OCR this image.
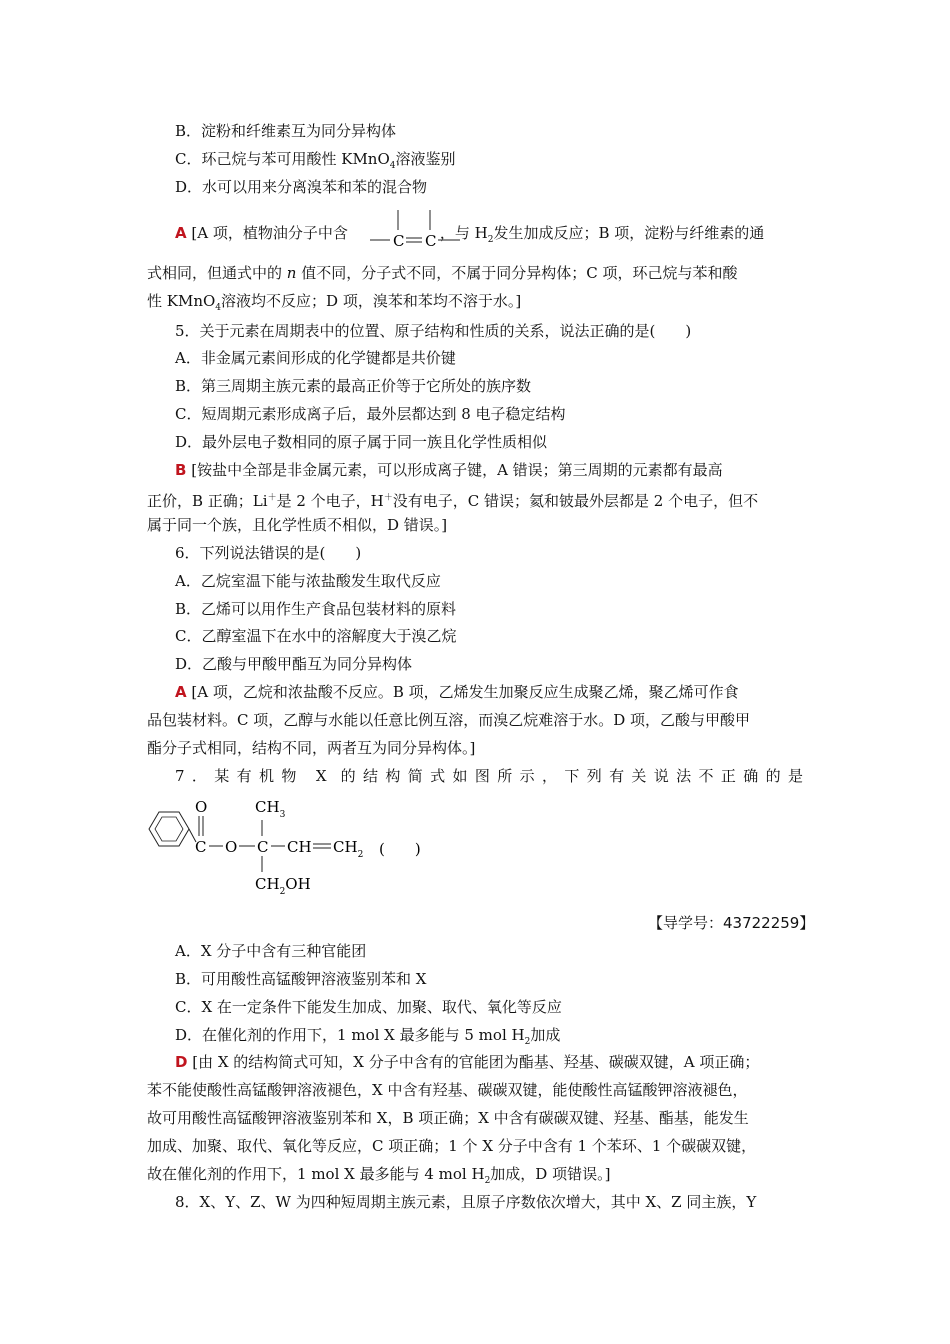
B．淀粉和纤维素互为同分异构体
C．环己烷与苯可用酸性 KMnO$_4$溶液鉴别
D．水可以用来分离溴苯和苯的混合物
A [A 项，植物油分子中含	，与 $H_2$发生加成反应；B 项，淀粉与纤维素的通
C C
式相同，但通式中的 n 值不同，分子式不同，不属于同分异构体；C 项，环己烷与苯和酸
性 KMnO$_4$溶液均不反应；D 项，溴苯和苯均不溶于水。]
5．关于元素在周期表中的位置、原子结构和性质的关系，说法正确的是(　　)
A．非金属元素间形成的化学键都是共价键
B．第三周期主族元素的最高正价等于它所处的族序数
C．短周期元素形成离子后，最外层都达到 8 电子稳定结构
D．最外层电子数相同的原子属于同一族且化学性质相似
B [铵盐中全部是非金属元素，可以形成离子键，A 错误；第三周期的元素都有最高
正价，B 正确；Li＋是 2 个电子，H＋没有电子，C 错误；氦和铍最外层都是 2 个电子，但不
属于同一个族，且化学性质不相似，D 错误。]
6．下列说法错误的是(　　)
A．乙烷室温下能与浓盐酸发生取代反应
B．乙烯可以用作生产食品包装材料的原料
C．乙醇室温下在水中的溶解度大于溴乙烷
D．乙酸与甲酸甲酯互为同分异构体
A [A 项，乙烷和浓盐酸不反应。B 项，乙烯发生加聚反应生成聚乙烯，聚乙烯可作食
品包装材料。C 项，乙醇与水能以任意比例互溶，而溴乙烷难溶于水。D 项，乙酸与甲酸甲
酯分子式相同，结构不同，两者互为同分异构体。]
7．某有机物 X 的结构简式如图所示，下列有关说法不正确的是
O
C O C
$CH_3$
$CH_2OH$
CH $CH_2$ (　　)
【导学号：43722259】
A．X 分子中含有三种官能团
B．可用酸性高锰酸钾溶液鉴别苯和 X
C．X 在一定条件下能发生加成、加聚、取代、氧化等反应
D．在催化剂的作用下，1 mol X 最多能与 5 mol $H_2$加成
D [由 X 的结构简式可知，X 分子中含有的官能团为酯基、羟基、碳碳双键，A 项正确；
苯不能使酸性高锰酸钾溶液褪色，X 中含有羟基、碳碳双键，能使酸性高锰酸钾溶液褪色，
故可用酸性高锰酸钾溶液鉴别苯和 X，B 项正确；X 中含有碳碳双键、羟基、酯基，能发生
加成、加聚、取代、氧化等反应，C 项正确；1 个 X 分子中含有 1 个苯环、1 个碳碳双键，
故在催化剂的作用下，1 mol X 最多能与 4 mol $H_2$加成，D 项错误。]
8．X、Y、Z、W 为四种短周期主族元素，且原子序数依次增大，其中 X、Z 同主族，Y
